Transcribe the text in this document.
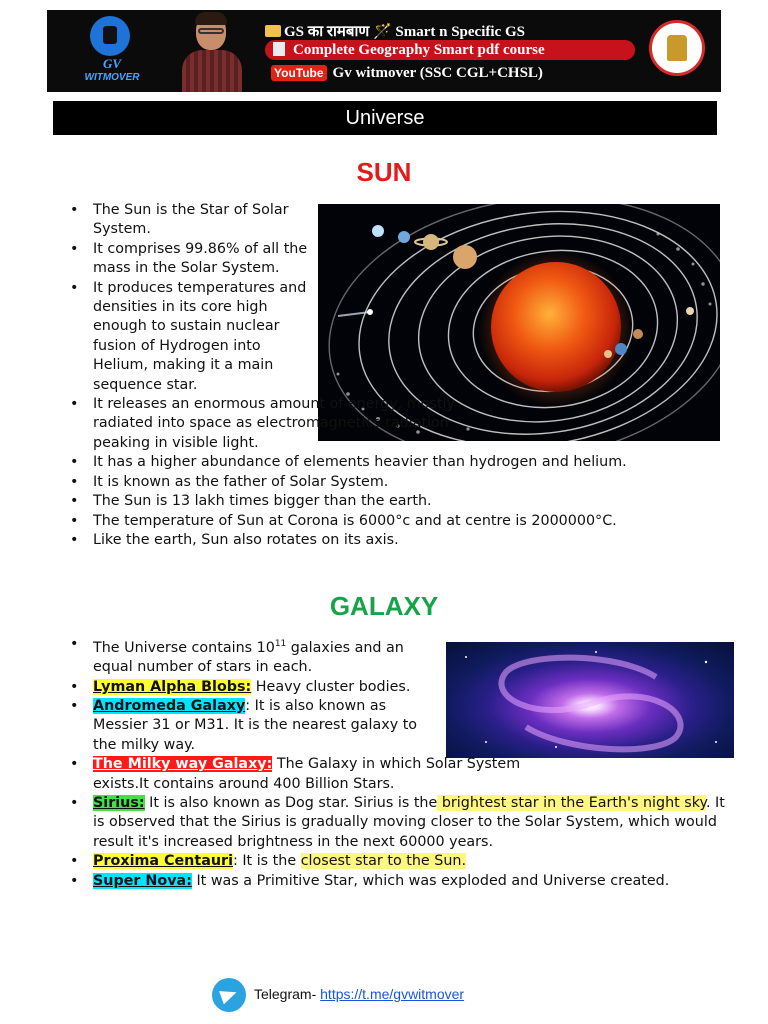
GV
WITMOVER
GS का रामबाण 🪄 Smart n Specific GS
Complete Geography Smart pdf course
YouTube Gv witmover (SSC CGL+CHSL)
Universe
SUN
• The Sun is the Star of Solar System.
• It comprises 99.86% of all the mass in the Solar System.
• It produces temperatures and densities in its core high enough to sustain nuclear fusion of Hydrogen into Helium, making it a main sequence star.
• It releases an enormous amount of energy, mostly radiated into space as electromagnetics radiation peaking in visible light.
• It has a higher abundance of elements heavier than hydrogen and helium.
• It is known as the father of Solar System.
• The Sun is 13 lakh times bigger than the earth.
• The temperature of Sun at Corona is 6000°c and at centre is 2000000°C.
• Like the earth, Sun also rotates on its axis.
GALAXY
• The Universe contains $10^{11}$ galaxies and an equal number of stars in each.
• Lyman Alpha Blobs: Heavy cluster bodies.
• Andromeda Galaxy: It is also known as Messier 31 or M31. It is the nearest galaxy to the milky way.
• The Milky way Galaxy: The Galaxy in which Solar System exists.It contains around 400 Billion Stars.
• Sirius: It is also known as Dog star. Sirius is the brightest star in the Earth's night sky. It is observed that the Sirius is gradually moving closer to the Solar System, which would result it's increased brightness in the next 60000 years.
• Proxima Centauri: It is the closest star to the Sun.
• Super Nova: It was a Primitive Star, which was exploded and Universe created.
Telegram- https://t.me/gvwitmover
